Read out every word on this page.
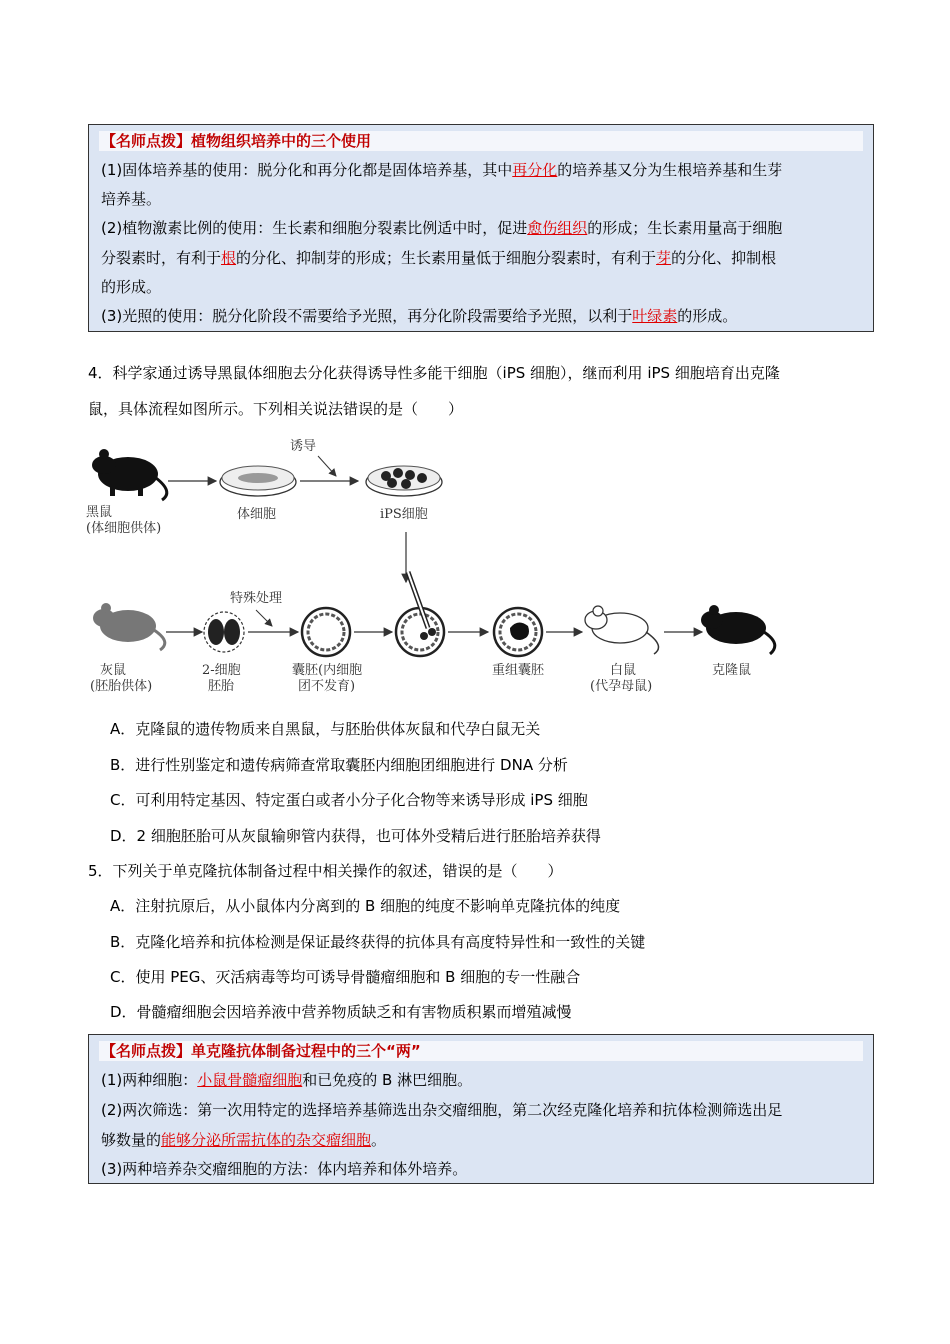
【名师点拨】植物组织培养中的三个使用
(1)固体培养基的使用：脱分化和再分化都是固体培养基，其中再分化的培养基又分为生根培养基和生芽
培养基。
(2)植物激素比例的使用：生长素和细胞分裂素比例适中时，促进愈伤组织的形成；生长素用量高于细胞
分裂素时，有利于根的分化、抑制芽的形成；生长素用量低于细胞分裂素时，有利于芽的分化、抑制根
的形成。
(3)光照的使用：脱分化阶段不需要给予光照，再分化阶段需要给予光照，以利于叶绿素的形成。
4．科学家通过诱导黑鼠体细胞去分化获得诱导性多能干细胞（iPS 细胞），继而利用 iPS 细胞培育出克隆
鼠，具体流程如图所示。下列相关说法错误的是（　　）
诱导
黑鼠
(体细胞供体)
体细胞	iPS细胞
特殊处理
灰鼠
(胚胎供体)
2-细胞
胚胎
囊胚(内细胞
团不发育)
重组囊胚	白鼠
(代孕母鼠)
克隆鼠
A．克隆鼠的遗传物质来自黑鼠，与胚胎供体灰鼠和代孕白鼠无关
B．进行性别鉴定和遗传病筛查常取囊胚内细胞团细胞进行 DNA 分析
C．可利用特定基因、特定蛋白或者小分子化合物等来诱导形成 iPS 细胞
D．2 细胞胚胎可从灰鼠输卵管内获得，也可体外受精后进行胚胎培养获得
5．下列关于单克隆抗体制备过程中相关操作的叙述，错误的是（　　）
A．注射抗原后，从小鼠体内分离到的 B 细胞的纯度不影响单克隆抗体的纯度
B．克隆化培养和抗体检测是保证最终获得的抗体具有高度特异性和一致性的关键
C．使用 PEG、灭活病毒等均可诱导骨髓瘤细胞和 B 细胞的专一性融合
D．骨髓瘤细胞会因培养液中营养物质缺乏和有害物质积累而增殖减慢
【名师点拨】单克隆抗体制备过程中的三个“两”
(1)两种细胞：小鼠骨髓瘤细胞和已免疫的 B 淋巴细胞。
(2)两次筛选：第一次用特定的选择培养基筛选出杂交瘤细胞，第二次经克隆化培养和抗体检测筛选出足
够数量的能够分泌所需抗体的杂交瘤细胞。
(3)两种培养杂交瘤细胞的方法：体内培养和体外培养。
